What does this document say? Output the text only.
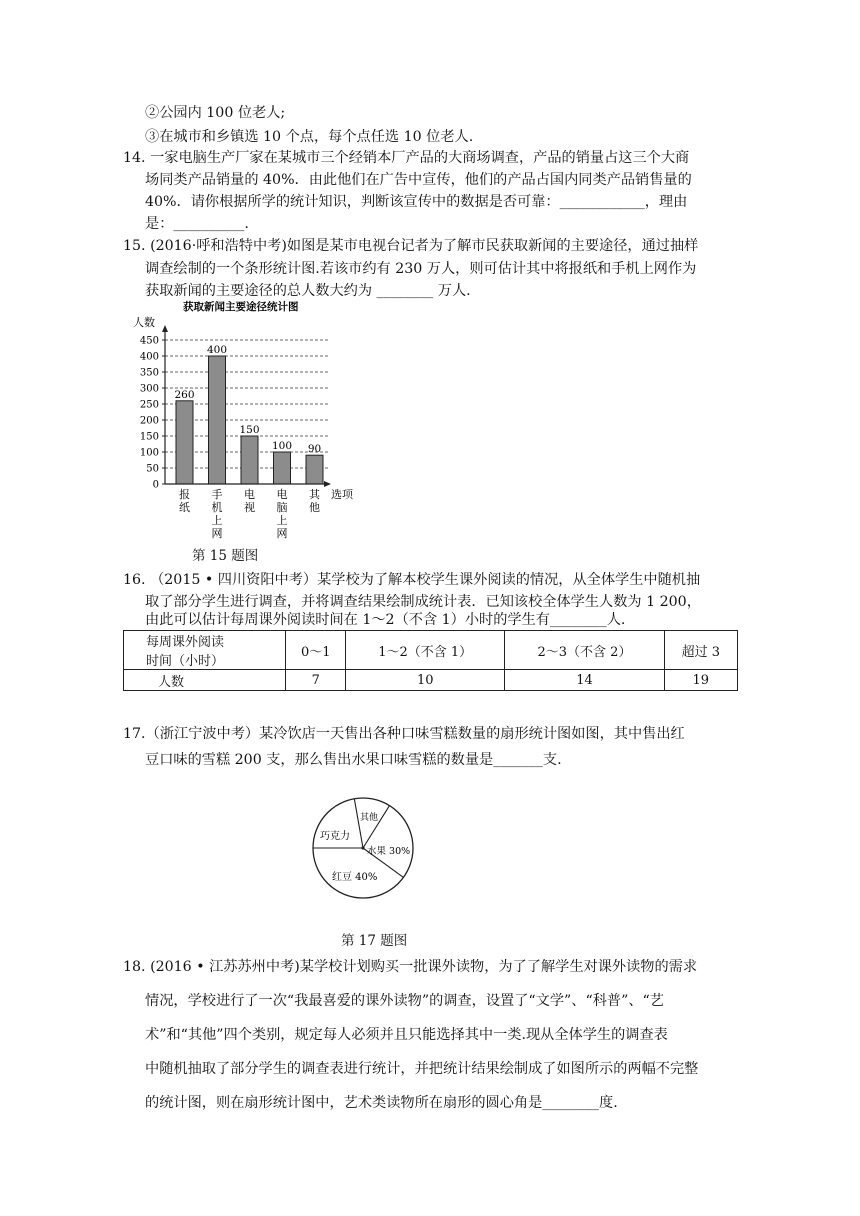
②公园内 100 位老人;
③在城市和乡镇选 10 个点，每个点任选 10 位老人.
14. 一家电脑生产厂家在某城市三个经销本厂产品的大商场调查，产品的销量占这三个大商
场同类产品销量的 40%．由此他们在广告中宣传，他们的产品占国内同类产品销售量的
40%．请你根据所学的统计知识，判断该宣传中的数据是否可靠：____________，理由
是：__________.
15. (2016·呼和浩特中考)如图是某市电视台记者为了解市民获取新闻的主要途径，通过抽样
调查绘制的一个条形统计图.若该市约有 230 万人，则可估计其中将报纸和手机上网作为
获取新闻的主要途径的总人数大约为 ________ 万人.
获取新闻主要途径统计图
人数
260
报纸
400
手机上网
150
电视
100
电脑上网
90
其他
0
50
100
150
200
250
300
350
400
450
选项
第 15 题图
16. （2015 • 四川资阳中考）某学校为了解本校学生课外阅读的情况，从全体学生中随机抽
取了部分学生进行调查，并将调查结果绘制成统计表．已知该校全体学生人数为 1 200，
由此可以估计每周课外阅读时间在 1～2（不含 1）小时的学生有________人.
每周课外阅读
时间（小时）	0～1	1～2（不含 1）	2～3（不含 2）	超过 3
人数	7	10	14	19
17.（浙江宁波中考）某冷饮店一天售出各种口味雪糕数量的扇形统计图如图，其中售出红
豆口味的雪糕 200 支，那么售出水果口味雪糕的数量是_______支.
巧克力
其他
水果 30%
红豆 40%
第 17 题图
18. (2016 • 江苏苏州中考)某学校计划购买一批课外读物，为了了解学生对课外读物的需求
情况，学校进行了一次“我最喜爱的课外读物”的调查，设置了“文学”、“科普”、“艺
术”和“其他”四个类别，规定每人必须并且只能选择其中一类.现从全体学生的调查表
中随机抽取了部分学生的调查表进行统计，并把统计结果绘制成了如图所示的两幅不完整
的统计图，则在扇形统计图中，艺术类读物所在扇形的圆心角是________度.
